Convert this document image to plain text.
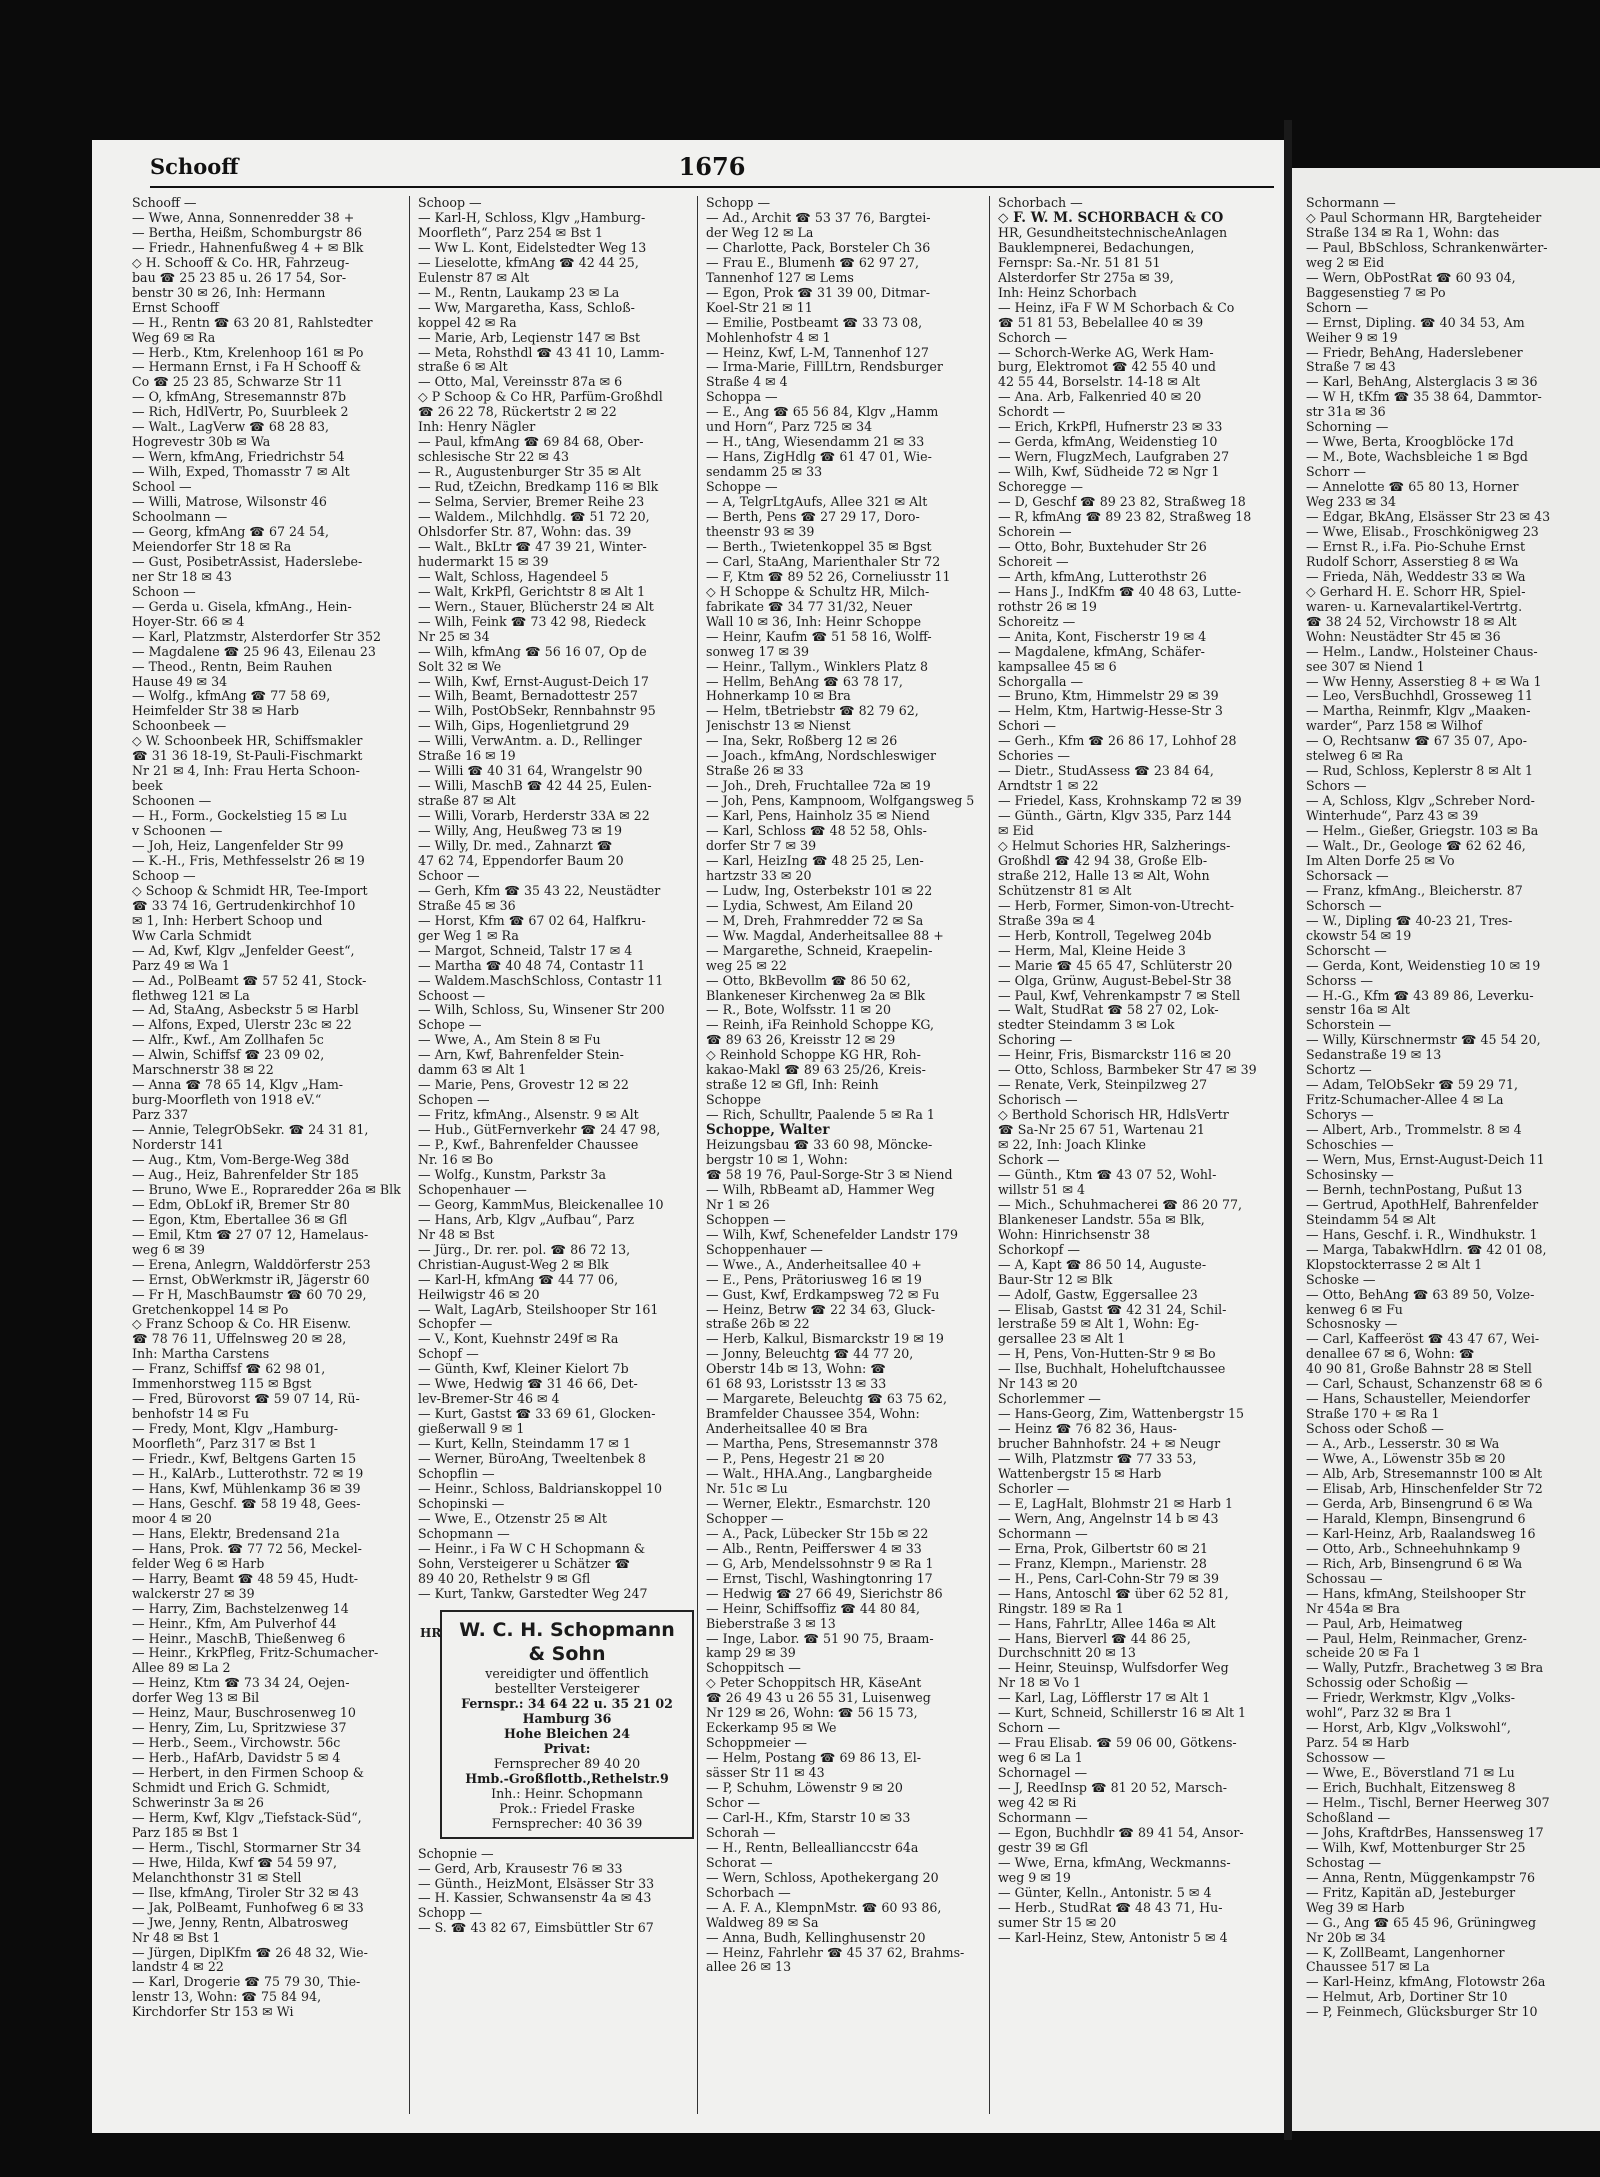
Schooff	1676
Schooff —
— Wwe, Anna, Sonnenredder 38 +
— Bertha, Heißm, Schomburgstr 86
— Friedr., Hahnenfußweg 4 + ✉ Blk
◇ H. Schooff & Co. HR, Fahrzeug-
bau ☎ 25 23 85 u. 26 17 54, Sor-
benstr 30 ✉ 26, Inh: Hermann
Ernst Schooff
— H., Rentn ☎ 63 20 81, Rahlstedter
Weg 69 ✉ Ra
— Herb., Ktm, Krelenhoop 161 ✉ Po
— Hermann Ernst, i Fa H Schooff &
Co ☎ 25 23 85, Schwarze Str 11
— O, kfmAng, Stresemannstr 87b
— Rich, HdlVertr, Po, Suurbleek 2
— Walt., LagVerw ☎ 68 28 83,
Hogrevestr 30b ✉ Wa
— Wern, kfmAng, Friedrichstr 54
— Wilh, Exped, Thomasstr 7 ✉ Alt
School —
— Willi, Matrose, Wilsonstr 46
Schoolmann —
— Georg, kfmAng ☎ 67 24 54,
Meiendorfer Str 18 ✉ Ra
— Gust, PosibetrAssist, Haderslebe-
ner Str 18 ✉ 43
Schoon —
— Gerda u. Gisela, kfmAng., Hein-
Hoyer-Str. 66 ✉ 4
— Karl, Platzmstr, Alsterdorfer Str 352
— Magdalene ☎ 25 96 43, Eilenau 23
— Theod., Rentn, Beim Rauhen
Hause 49 ✉ 34
— Wolfg., kfmAng ☎ 77 58 69,
Heimfelder Str 38 ✉ Harb
Schoonbeek —
◇ W. Schoonbeek HR, Schiffsmakler
☎ 31 36 18-19, St-Pauli-Fischmarkt
Nr 21 ✉ 4, Inh: Frau Herta Schoon-
beek
Schoonen —
— H., Form., Gockelstieg 15 ✉ Lu
v Schoonen —
— Joh, Heiz, Langenfelder Str 99
— K.-H., Fris, Methfesselstr 26 ✉ 19
Schoop —
◇ Schoop & Schmidt HR, Tee-Import
☎ 33 74 16, Gertrudenkirchhof 10
✉ 1, Inh: Herbert Schoop und
Ww Carla Schmidt
— Ad, Kwf, Klgv „Jenfelder Geest“,
Parz 49 ✉ Wa 1
— Ad., PolBeamt ☎ 57 52 41, Stock-
flethweg 121 ✉ La
— Ad, StaAng, Asbeckstr 5 ✉ Harbl
— Alfons, Exped, Ulerstr 23c ✉ 22
— Alfr., Kwf., Am Zollhafen 5c
— Alwin, Schiffsf ☎ 23 09 02,
Marschnerstr 38 ✉ 22
— Anna ☎ 78 65 14, Klgv „Ham-
burg-Moorfleth von 1918 eV.“
Parz 337
— Annie, TelegrObSekr. ☎ 24 31 81,
Norderstr 141
— Aug., Ktm, Vom-Berge-Weg 38d
— Aug., Heiz, Bahrenfelder Str 185
— Bruno, Wwe E., Ropraredder 26a ✉ Blk
— Edm, ObLokf iR, Bremer Str 80
— Egon, Ktm, Ebertallee 36 ✉ Gfl
— Emil, Ktm ☎ 27 07 12, Hamelaus-
weg 6 ✉ 39
— Erena, Anlegrn, Walddörferstr 253
— Ernst, ObWerkmstr iR, Jägerstr 60
— Fr H, MaschBaumstr ☎ 60 70 29,
Gretchenkoppel 14 ✉ Po
◇ Franz Schoop & Co. HR Eisenw.
☎ 78 76 11, Uffelnsweg 20 ✉ 28,
Inh: Martha Carstens
— Franz, Schiffsf ☎ 62 98 01,
Immenhorstweg 115 ✉ Bgst
— Fred, Bürovorst ☎ 59 07 14, Rü-
benhofstr 14 ✉ Fu
— Fredy, Mont, Klgv „Hamburg-
Moorfleth“, Parz 317 ✉ Bst 1
— Friedr., Kwf, Beltgens Garten 15
— H., KalArb., Lutterothstr. 72 ✉ 19
— Hans, Kwf, Mühlenkamp 36 ✉ 39
— Hans, Geschf. ☎ 58 19 48, Gees-
moor 4 ✉ 20
— Hans, Elektr, Bredensand 21a
— Hans, Prok. ☎ 77 72 56, Meckel-
felder Weg 6 ✉ Harb
— Harry, Beamt ☎ 48 59 45, Hudt-
walckerstr 27 ✉ 39
— Harry, Zim, Bachstelzenweg 14
— Heinr., Kfm, Am Pulverhof 44
— Heinr., MaschB, Thießenweg 6
— Heinr., KrkPfleg, Fritz-Schumacher-
Allee 89 ✉ La 2
— Heinz, Ktm ☎ 73 34 24, Oejen-
dorfer Weg 13 ✉ Bil
— Heinz, Maur, Buschrosenweg 10
— Henry, Zim, Lu, Spritzwiese 37
— Herb., Seem., Virchowstr. 56c
— Herb., HafArb, Davidstr 5 ✉ 4
— Herbert, in den Firmen Schoop &
Schmidt und Erich G. Schmidt,
Schwerinstr 3a ✉ 26
— Herm, Kwf, Klgv „Tiefstack-Süd“,
Parz 185 ✉ Bst 1
— Herm., Tischl, Stormarner Str 34
— Hwe, Hilda, Kwf ☎ 54 59 97,
Melanchthonstr 31 ✉ Stell
— Ilse, kfmAng, Tiroler Str 32 ✉ 43
— Jak, PolBeamt, Funhofweg 6 ✉ 33
— Jwe, Jenny, Rentn, Albatrosweg
Nr 48 ✉ Bst 1
— Jürgen, DiplKfm ☎ 26 48 32, Wie-
landstr 4 ✉ 22
— Karl, Drogerie ☎ 75 79 30, Thie-
lenstr 13, Wohn: ☎ 75 84 94,
Kirchdorfer Str 153 ✉ Wi
Schoop —
— Karl-H, Schloss, Klgv „Hamburg-
Moorfleth“, Parz 254 ✉ Bst 1
— Ww L. Kont, Eidelstedter Weg 13
— Lieselotte, kfmAng ☎ 42 44 25,
Eulenstr 87 ✉ Alt
— M., Rentn, Laukamp 23 ✉ La
— Ww, Margaretha, Kass, Schloß-
koppel 42 ✉ Ra
— Marie, Arb, Leqienstr 147 ✉ Bst
— Meta, Rohsthdl ☎ 43 41 10, Lamm-
straße 6 ✉ Alt
— Otto, Mal, Vereinsstr 87a ✉ 6
◇ P Schoop & Co HR, Parfüm-Großhdl
☎ 26 22 78, Rückertstr 2 ✉ 22
Inh: Henry Nägler
— Paul, kfmAng ☎ 69 84 68, Ober-
schlesische Str 22 ✉ 43
— R., Augustenburger Str 35 ✉ Alt
— Rud, tZeichn, Bredkamp 116 ✉ Blk
— Selma, Servier, Bremer Reihe 23
— Waldem., Milchhdlg. ☎ 51 72 20,
Ohlsdorfer Str. 87, Wohn: das. 39
— Walt., BkLtr ☎ 47 39 21, Winter-
hudermarkt 15 ✉ 39
— Walt, Schloss, Hagendeel 5
— Walt, KrkPfl, Gerichtstr 8 ✉ Alt 1
— Wern., Stauer, Blücherstr 24 ✉ Alt
— Wilh, Feink ☎ 73 42 98, Riedeck
Nr 25 ✉ 34
— Wilh, kfmAng ☎ 56 16 07, Op de
Solt 32 ✉ We
— Wilh, Kwf, Ernst-August-Deich 17
— Wilh, Beamt, Bernadottestr 257
— Wilh, PostObSekr, Rennbahnstr 95
— Wilh, Gips, Hogenlietgrund 29
— Willi, VerwAntm. a. D., Rellinger
Straße 16 ✉ 19
— Willi ☎ 40 31 64, Wrangelstr 90
— Willi, MaschB ☎ 42 44 25, Eulen-
straße 87 ✉ Alt
— Willi, Vorarb, Herderstr 33A ✉ 22
— Willy, Ang, Heußweg 73 ✉ 19
— Willy, Dr. med., Zahnarzt ☎
47 62 74, Eppendorfer Baum 20
Schoor —
— Gerh, Kfm ☎ 35 43 22, Neustädter
Straße 45 ✉ 36
— Horst, Kfm ☎ 67 02 64, Halfkru-
ger Weg 1 ✉ Ra
— Margot, Schneid, Talstr 17 ✉ 4
— Martha ☎ 40 48 74, Contastr 11
— Waldem.MaschSchloss, Contastr 11
Schoost —
— Wilh, Schloss, Su, Winsener Str 200
Schope —
— Wwe, A., Am Stein 8 ✉ Fu
— Arn, Kwf, Bahrenfelder Stein-
damm 63 ✉ Alt 1
— Marie, Pens, Grovestr 12 ✉ 22
Schopen —
— Fritz, kfmAng., Alsenstr. 9 ✉ Alt
— Hub., GütFernverkehr ☎ 24 47 98,
— P., Kwf., Bahrenfelder Chaussee
Nr. 16 ✉ Bo
— Wolfg., Kunstm, Parkstr 3a
Schopenhauer —
— Georg, KammMus, Bleickenallee 10
— Hans, Arb, Klgv „Aufbau“, Parz
Nr 48 ✉ Bst
— Jürg., Dr. rer. pol. ☎ 86 72 13,
Christian-August-Weg 2 ✉ Blk
— Karl-H, kfmAng ☎ 44 77 06,
Heilwigstr 46 ✉ 20
— Walt, LagArb, Steilshooper Str 161
Schopfer —
— V., Kont, Kuehnstr 249f ✉ Ra
Schopf —
— Günth, Kwf, Kleiner Kielort 7b
— Wwe, Hedwig ☎ 31 46 66, Det-
lev-Bremer-Str 46 ✉ 4
— Kurt, Gastst ☎ 33 69 61, Glocken-
gießerwall 9 ✉ 1
— Kurt, Kelln, Steindamm 17 ✉ 1
— Werner, BüroAng, Tweeltenbek 8
Schopflin —
— Heinr., Schloss, Baldrianskoppel 10
Schopinski —
— Wwe, E., Otzenstr 25 ✉ Alt
Schopmann —
— Heinr., i Fa W C H Schopmann &
Sohn, Versteigerer u Schätzer ☎
89 40 20, Rethelstr 9 ✉ Gfl
— Kurt, Tankw, Garstedter Weg 247
HR W. C. H. Schopmann
& Sohn
vereidigter und öffentlich
bestellter Versteigerer
Fernspr.: 34 64 22 u. 35 21 02
Hamburg 36
Hohe Bleichen 24
Privat:
Fernsprecher 89 40 20
Hmb.-Großflottb.,Rethelstr.9
Inh.: Heinr. Schopmann
Prok.: Friedel Fraske
Fernsprecher: 40 36 39
Schopnie —
— Gerd, Arb, Krausestr 76 ✉ 33
— Günth., HeizMont, Elsässer Str 33
— H. Kassier, Schwansenstr 4a ✉ 43
Schopp —
— S. ☎ 43 82 67, Eimsbüttler Str 67
Schopp —
— Ad., Archit ☎ 53 37 76, Bargtei-
der Weg 12 ✉ La
— Charlotte, Pack, Borsteler Ch 36
— Frau E., Blumenh ☎ 62 97 27,
Tannenhof 127 ✉ Lems
— Egon, Prok ☎ 31 39 00, Ditmar-
Koel-Str 21 ✉ 11
— Emilie, Postbeamt ☎ 33 73 08,
Mohlenhofstr 4 ✉ 1
— Heinz, Kwf, L-M, Tannenhof 127
— Irma-Marie, FillLtrn, Rendsburger
Straße 4 ✉ 4
Schoppa —
— E., Ang ☎ 65 56 84, Klgv „Hamm
und Horn“, Parz 725 ✉ 34
— H., tAng, Wiesendamm 21 ✉ 33
— Hans, ZigHdlg ☎ 61 47 01, Wie-
sendamm 25 ✉ 33
Schoppe —
— A, TelgrLtgAufs, Allee 321 ✉ Alt
— Berth, Pens ☎ 27 29 17, Doro-
theenstr 93 ✉ 39
— Berth., Twietenkoppel 35 ✉ Bgst
— Carl, StaAng, Marienthaler Str 72
— F, Ktm ☎ 89 52 26, Corneliusstr 11
◇ H Schoppe & Schultz HR, Milch-
fabrikate ☎ 34 77 31/32, Neuer
Wall 10 ✉ 36, Inh: Heinr Schoppe
— Heinr, Kaufm ☎ 51 58 16, Wolff-
sonweg 17 ✉ 39
— Heinr., Tallym., Winklers Platz 8
— Hellm, BehAng ☎ 63 78 17,
Hohnerkamp 10 ✉ Bra
— Helm, tBetriebstr ☎ 82 79 62,
Jenischstr 13 ✉ Nienst
— Ina, Sekr, Roßberg 12 ✉ 26
— Joach., kfmAng, Nordschleswiger
Straße 26 ✉ 33
— Joh., Dreh, Fruchtallee 72a ✉ 19
— Joh, Pens, Kampnoom, Wolfgangsweg 5
— Karl, Pens, Hainholz 35 ✉ Niend
— Karl, Schloss ☎ 48 52 58, Ohls-
dorfer Str 7 ✉ 39
— Karl, HeizIng ☎ 48 25 25, Len-
hartzstr 33 ✉ 20
— Ludw, Ing, Osterbekstr 101 ✉ 22
— Lydia, Schwest, Am Eiland 20
— M, Dreh, Frahmredder 72 ✉ Sa
— Ww. Magdal, Anderheitsallee 88 +
— Margarethe, Schneid, Kraepelin-
weg 25 ✉ 22
— Otto, BkBevollm ☎ 86 50 62,
Blankeneser Kirchenweg 2a ✉ Blk
— R., Bote, Wolfsstr. 11 ✉ 20
— Reinh, iFa Reinhold Schoppe KG,
☎ 89 63 26, Kreisstr 12 ✉ 29
◇ Reinhold Schoppe KG HR, Roh-
kakao-Makl ☎ 89 63 25/26, Kreis-
straße 12 ✉ Gfl, Inh: Reinh
Schoppe
— Rich, Schulltr, Paalende 5 ✉ Ra 1
Schoppe, Walter
Heizungsbau ☎ 33 60 98, Möncke-
bergstr 10 ✉ 1, Wohn:
☎ 58 19 76, Paul-Sorge-Str 3 ✉ Niend
— Wilh, RbBeamt aD, Hammer Weg
Nr 1 ✉ 26
Schoppen —
— Wilh, Kwf, Schenefelder Landstr 179
Schoppenhauer —
— Wwe., A., Anderheitsallee 40 +
— E., Pens, Prätoriusweg 16 ✉ 19
— Gust, Kwf, Erdkampsweg 72 ✉ Fu
— Heinz, Betrw ☎ 22 34 63, Gluck-
straße 26b ✉ 22
— Herb, Kalkul, Bismarckstr 19 ✉ 19
— Jonny, Beleuchtg ☎ 44 77 20,
Oberstr 14b ✉ 13, Wohn: ☎
61 68 93, Loristsstr 13 ✉ 33
— Margarete, Beleuchtg ☎ 63 75 62,
Bramfelder Chaussee 354, Wohn:
Anderheitsallee 40 ✉ Bra
— Martha, Pens, Stresemannstr 378
— P., Pens, Hegestr 21 ✉ 20
— Walt., HHA.Ang., Langbargheide
Nr. 51c ✉ Lu
— Werner, Elektr., Esmarchstr. 120
Schopper —
— A., Pack, Lübecker Str 15b ✉ 22
— Alb., Rentn, Peifferswег 4 ✉ 33
— G, Arb, Mendelssohnstr 9 ✉ Ra 1
— Ernst, Tischl, Washingtonring 17
— Hedwig ☎ 27 66 49, Sierichstr 86
— Heinr, Schiffsoffiz ☎ 44 80 84,
Bieberstraße 3 ✉ 13
— Inge, Labor. ☎ 51 90 75, Braam-
kamp 29 ✉ 39
Schoppitsch —
◇ Peter Schoppitsch HR, KäseAnt
☎ 26 49 43 u 26 55 31, Luisenweg
Nr 129 ✉ 26, Wohn: ☎ 56 15 73,
Eckerkamp 95 ✉ We
Schoppmeier —
— Helm, Postang ☎ 69 86 13, El-
sässer Str 11 ✉ 43
— P, Schuhm, Löwenstr 9 ✉ 20
Schor —
— Carl-H., Kfm, Starstr 10 ✉ 33
Schorah —
— H., Rentn, Belleallianccstr 64a
Schorat —
— Wern, Schloss, Apothekergang 20
Schorbach —
— A. F. A., KlempnMstr. ☎ 60 93 86,
Waldweg 89 ✉ Sa
— Anna, Budh, Kellinghusenstr 20
— Heinz, Fahrlehr ☎ 45 37 62, Brahms-
allee 26 ✉ 13
Schorbach —
◇ F. W. M. SCHORBACH & CO
HR, GesundheitstechnischeAnlagen
Bauklempnerei, Bedachungen,
Fernspr: Sa.-Nr. 51 81 51
Alsterdorfer Str 275a ✉ 39,
Inh: Heinz Schorbach
— Heinz, iFa F W M Schorbach & Co
☎ 51 81 53, Bebelallee 40 ✉ 39
Schorch —
— Schorch-Werke AG, Werk Ham-
burg, Elektromot ☎ 42 55 40 und
42 55 44, Borselstr. 14-18 ✉ Alt
— Ana. Arb, Falkenried 40 ✉ 20
Schordt —
— Erich, KrkPfl, Hufnerstr 23 ✉ 33
— Gerda, kfmAng, Weidenstieg 10
— Wern, FlugzMech, Laufgraben 27
— Wilh, Kwf, Südheide 72 ✉ Ngr 1
Schoregge —
— D, Geschf ☎ 89 23 82, Straßweg 18
— R, kfmAng ☎ 89 23 82, Straßweg 18
Schorein —
— Otto, Bohr, Buxtehuder Str 26
Schoreit —
— Arth, kfmAng, Lutterothstr 26
— Hans J., IndKfm ☎ 40 48 63, Lutte-
rothstr 26 ✉ 19
Schoreitz —
— Anita, Kont, Fischerstr 19 ✉ 4
— Magdalene, kfmAng, Schäfer-
kampsallee 45 ✉ 6
Schorgalla —
— Bruno, Ktm, Himmelstr 29 ✉ 39
— Helm, Ktm, Hartwig-Hesse-Str 3
Schori —
— Gerh., Kfm ☎ 26 86 17, Lohhof 28
Schories —
— Dietr., StudAssess ☎ 23 84 64,
Arndtstr 1 ✉ 22
— Friedel, Kass, Krohnskamp 72 ✉ 39
— Günth., Gärtn, Klgv 335, Parz 144
✉ Eid
◇ Helmut Schories HR, Salzherings-
Großhdl ☎ 42 94 38, Große Elb-
straße 212, Halle 13 ✉ Alt, Wohn
Schützenstr 81 ✉ Alt
— Herb, Former, Simon-von-Utrecht-
Straße 39a ✉ 4
— Herb, Kontroll, Tegelweg 204b
— Herm, Mal, Kleine Heide 3
— Marie ☎ 45 65 47, Schlüterstr 20
— Olga, Grünw, August-Bebel-Str 38
— Paul, Kwf, Vehrenkampstr 7 ✉ Stell
— Walt, StudRat ☎ 58 27 02, Lok-
stedter Steindamm 3 ✉ Lok
Schoring —
— Heinr, Fris, Bismarckstr 116 ✉ 20
— Otto, Schloss, Barmbeker Str 47 ✉ 39
— Renate, Verk, Steinpilzweg 27
Schorisch —
◇ Berthold Schorisch HR, HdlsVertr
☎ Sa-Nr 25 67 51, Wartenau 21
✉ 22, Inh: Joach Klinke
Schork —
— Günth., Ktm ☎ 43 07 52, Wohl-
willstr 51 ✉ 4
— Mich., Schuhmacherei ☎ 86 20 77,
Blankeneser Landstr. 55a ✉ Blk,
Wohn: Hinrichsenstr 38
Schorkopf —
— A, Kapt ☎ 86 50 14, Auguste-
Baur-Str 12 ✉ Blk
— Adolf, Gastw, Eggersallee 23
— Elisab, Gastst ☎ 42 31 24, Schil-
lerstraße 59 ✉ Alt 1, Wohn: Eg-
gersallee 23 ✉ Alt 1
— H, Pens, Von-Hutten-Str 9 ✉ Bo
— Ilse, Buchhalt, Hoheluftchaussee
Nr 143 ✉ 20
Schorlemmer —
— Hans-Georg, Zim, Wattenbergstr 15
— Heinz ☎ 76 82 36, Haus-
brucher Bahnhofstr. 24 + ✉ Neugr
— Wilh, Platzmstr ☎ 77 33 53,
Wattenbergstr 15 ✉ Harb
Schorler —
— E, LagHalt, Blohmstr 21 ✉ Harb 1
— Wern, Ang, Angelnstr 14 b ✉ 43
Schormann —
— Erna, Prok, Gilbertstr 60 ✉ 21
— Franz, Klempn., Marienstr. 28
— H., Pens, Carl-Cohn-Str 79 ✉ 39
— Hans, Antoschl ☎ über 62 52 81,
Ringstr. 189 ✉ Ra 1
— Hans, FahrLtr, Allee 146a ✉ Alt
— Hans, Bierverl ☎ 44 86 25,
Durchschnitt 20 ✉ 13
— Heinr, Steuinsp, Wulfsdorfer Weg
Nr 18 ✉ Vo 1
— Karl, Lag, Löfflerstr 17 ✉ Alt 1
— Kurt, Schneid, Schillerstr 16 ✉ Alt 1
Schorn —
— Frau Elisab. ☎ 59 06 00, Götkens-
weg 6 ✉ La 1
Schornagel —
— J, ReedInsp ☎ 81 20 52, Marsch-
weg 42 ✉ Ri
Schormann —
— Egon, Buchhdlr ☎ 89 41 54, Ansor-
gestr 39 ✉ Gfl
— Wwe, Erna, kfmAng, Weckmanns-
weg 9 ✉ 19
— Günter, Kelln., Antonistr. 5 ✉ 4
— Herb., StudRat ☎ 48 43 71, Hu-
sumer Str 15 ✉ 20
— Karl-Heinz, Stew, Antonistr 5 ✉ 4
Schormann —
◇ Paul Schormann HR, Bargteheider
Straße 134 ✉ Ra 1, Wohn: das
— Paul, BbSchloss, Schrankenwärter-
weg 2 ✉ Eid
— Wern, ObPostRat ☎ 60 93 04,
Baggesenstieg 7 ✉ Po
Schorn —
— Ernst, Dipling. ☎ 40 34 53, Am
Weiher 9 ✉ 19
— Friedr, BehAng, Haderslebener
Straße 7 ✉ 43
— Karl, BehAng, Alsterglacis 3 ✉ 36
— W H, tKfm ☎ 35 38 64, Dammtor-
str 31a ✉ 36
Schorning —
— Wwe, Berta, Kroogblöcke 17d
— M., Bote, Wachsbleiche 1 ✉ Bgd
Schorr —
— Annelotte ☎ 65 80 13, Horner
Weg 233 ✉ 34
— Edgar, BkAng, Elsässer Str 23 ✉ 43
— Wwe, Elisab., Froschkönigweg 23
— Ernst R., i.Fa. Pio-Schuhe Ernst
Rudolf Schorr, Asserstieg 8 ✉ Wa
— Frieda, Näh, Weddestr 33 ✉ Wa
◇ Gerhard H. E. Schorr HR, Spiel-
waren- u. Karnevalartikel-Vertrtg.
☎ 38 24 52, Virchowstr 18 ✉ Alt
Wohn: Neustädter Str 45 ✉ 36
— Helm., Landw., Holsteiner Chaus-
see 307 ✉ Niend 1
— Ww Henny, Asserstieg 8 + ✉ Wa 1
— Leo, VersBuchhdl, Grosseweg 11
— Martha, Reinmfr, Klgv „Maaken-
warder“, Parz 158 ✉ Wilhof
— O, Rechtsanw ☎ 67 35 07, Apo-
stelweg 6 ✉ Ra
— Rud, Schloss, Keplerstr 8 ✉ Alt 1
Schors —
— A, Schloss, Klgv „Schreber Nord-
Winterhude“, Parz 43 ✉ 39
— Helm., Gießer, Griegstr. 103 ✉ Ba
— Walt., Dr., Geologe ☎ 62 62 46,
Im Alten Dorfe 25 ✉ Vo
Schorsack —
— Franz, kfmAng., Bleicherstr. 87
Schorsch —
— W., Dipling ☎ 40-23 21, Tres-
ckowstr 54 ✉ 19
Schorscht —
— Gerda, Kont, Weidenstieg 10 ✉ 19
Schorss —
— H.-G., Kfm ☎ 43 89 86, Leverku-
senstr 16a ✉ Alt
Schorstein —
— Willy, Kürschnermstr ☎ 45 54 20,
Sedanstraße 19 ✉ 13
Schortz —
— Adam, TelObSekr ☎ 59 29 71,
Fritz-Schumacher-Allee 4 ✉ La
Schorys —
— Albert, Arb., Trommelstr. 8 ✉ 4
Schoschies —
— Wern, Mus, Ernst-August-Deich 11
Schosinsky —
— Bernh, technPostang, Pußut 13
— Gertrud, ApothHelf, Bahrenfelder
Steindamm 54 ✉ Alt
— Hans, Geschf. i. R., Windhukstr. 1
— Marga, TabakwHdlrn. ☎ 42 01 08,
Klopstockterrasse 2 ✉ Alt 1
Schoske —
— Otto, BehAng ☎ 63 89 50, Volze-
kenweg 6 ✉ Fu
Schosnosky —
— Carl, Kaffeeröst ☎ 43 47 67, Wei-
denallee 67 ✉ 6, Wohn: ☎
40 90 81, Große Bahnstr 28 ✉ Stell
— Carl, Schaust, Schanzenstr 68 ✉ 6
— Hans, Schausteller, Meiendorfer
Straße 170 + ✉ Ra 1
Schoss oder Schoß —
— A., Arb., Lesserstr. 30 ✉ Wa
— Wwe, A., Löwenstr 35b ✉ 20
— Alb, Arb, Stresemannstr 100 ✉ Alt
— Elisab, Arb, Hinschenfelder Str 72
— Gerda, Arb, Binsengrund 6 ✉ Wa
— Harald, Klempn, Binsengrund 6
— Karl-Heinz, Arb, Raalandsweg 16
— Otto, Arb., Schneehuhnkamp 9
— Rich, Arb, Binsengrund 6 ✉ Wa
Schossau —
— Hans, kfmAng, Steilshooper Str
Nr 454a ✉ Bra
— Paul, Arb, Heimatweg
— Paul, Helm, Reinmacher, Grenz-
scheide 20 ✉ Fa 1
— Wally, Putzfr., Brachetweg 3 ✉ Bra
Schossig oder Schoßig —
— Friedr, Werkmstr, Klgv „Volks-
wohl“, Parz 32 ✉ Bra 1
— Horst, Arb, Klgv „Volkswohl“,
Parz. 54 ✉ Harb
Schossow —
— Wwe, E., Böverstland 71 ✉ Lu
— Erich, Buchhalt, Eitzensweg 8
— Helm., Tischl, Berner Heerweg 307
Schoßland —
— Johs, KraftdrBes, Hanssensweg 17
— Wilh, Kwf, Mottenburger Str 25
Schostag —
— Anna, Rentn, Müggenkampstr 76
— Fritz, Kapitän aD, Jesteburger
Weg 39 ✉ Harb
— G., Ang ☎ 65 45 96, Grüningweg
Nr 20b ✉ 34
— K, ZollBeamt, Langenhorner
Chaussee 517 ✉ La
— Karl-Heinz, kfmAng, Flotowstr 26a
— Helmut, Arb, Dortiner Str 10
— P, Feinmech, Glücksburger Str 10
